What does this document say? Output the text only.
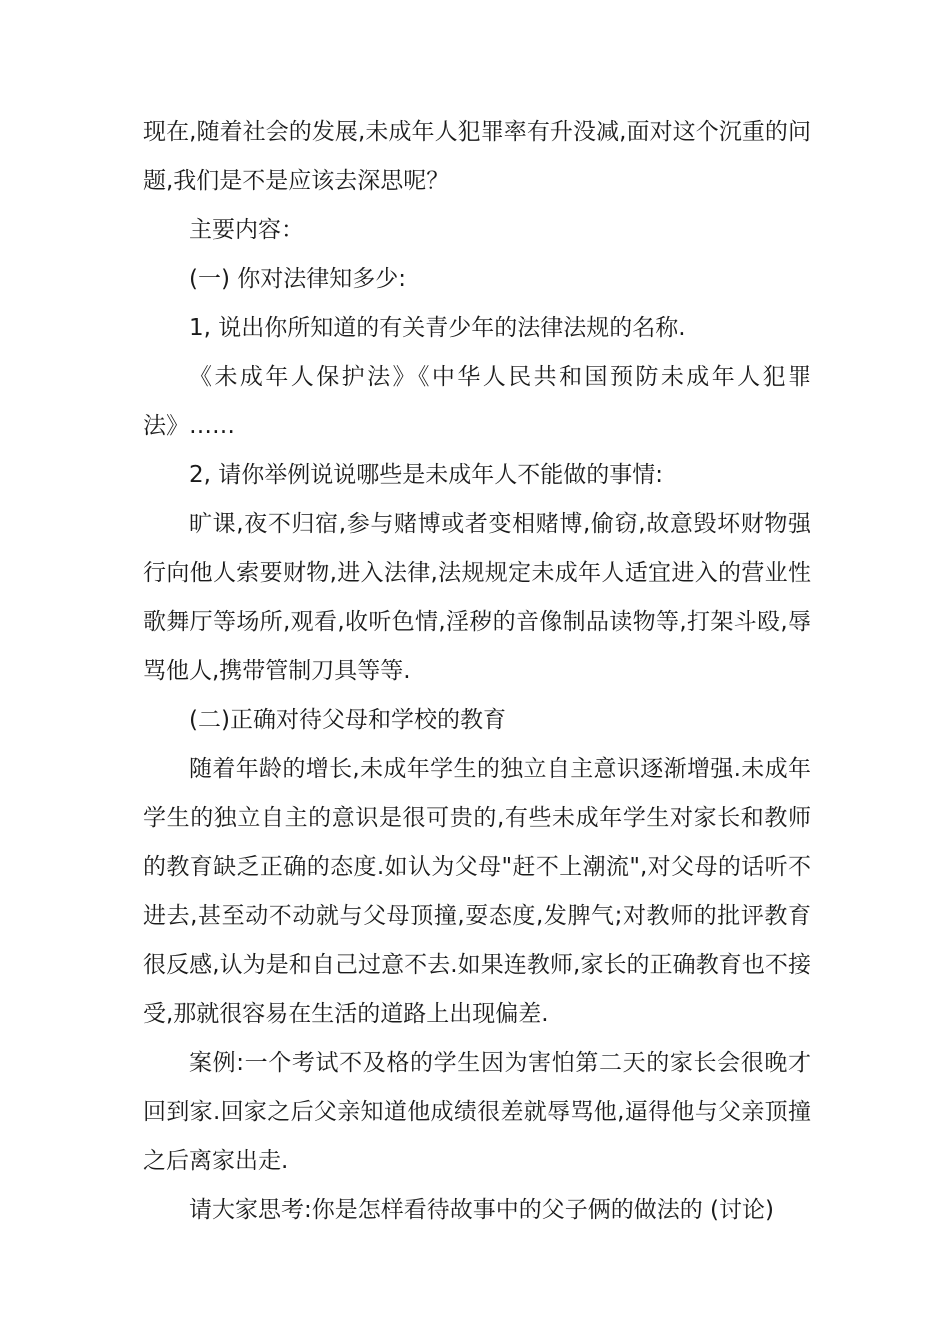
现在,随着社会的发展,未成年人犯罪率有升没减,面对这个沉重的问题,我们是不是应该去深思呢？

主要内容：

(一) 你对法律知多少:

1, 说出你所知道的有关青少年的法律法规的名称.

《未成年人保护法》《中华人民共和国预防未成年人犯罪法》……

2, 请你举例说说哪些是未成年人不能做的事情:

旷课,夜不归宿,参与赌博或者变相赌博,偷窃,故意毁坏财物强行向他人索要财物,进入法律,法规规定未成年人适宜进入的营业性歌舞厅等场所,观看,收听色情,淫秽的音像制品读物等,打架斗殴,辱骂他人,携带管制刀具等等.

(二)正确对待父母和学校的教育

随着年龄的增长,未成年学生的独立自主意识逐渐增强.未成年学生的独立自主的意识是很可贵的,有些未成年学生对家长和教师的教育缺乏正确的态度.如认为父母"赶不上潮流",对父母的话听不进去,甚至动不动就与父母顶撞,耍态度,发脾气;对教师的批评教育很反感,认为是和自己过意不去.如果连教师,家长的正确教育也不接受,那就很容易在生活的道路上出现偏差.

案例:一个考试不及格的学生因为害怕第二天的家长会很晚才回到家.回家之后父亲知道他成绩很差就辱骂他,逼得他与父亲顶撞之后离家出走.

请大家思考:你是怎样看待故事中的父子俩的做法的 (讨论)
